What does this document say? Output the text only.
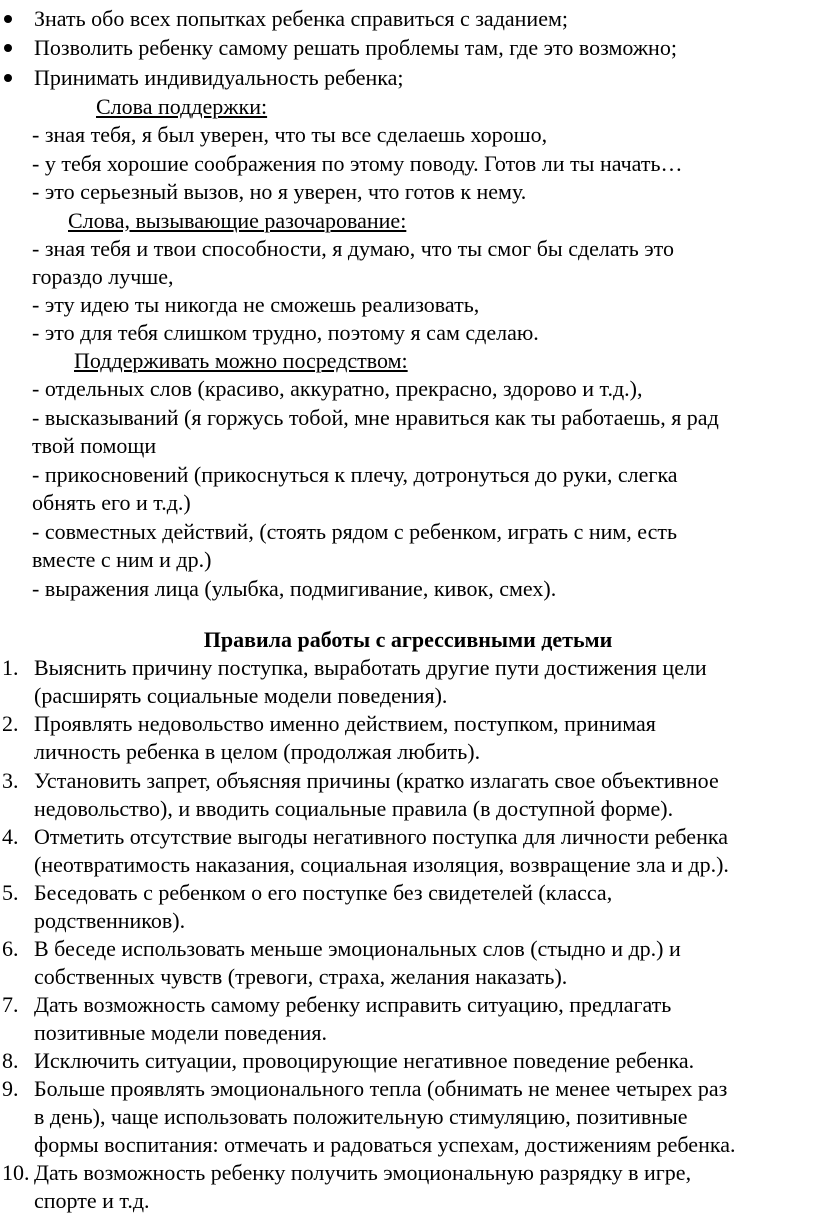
Знать обо всех попытках ребенка справиться с заданием;
Позволить ребенку самому решать проблемы там, где это возможно;
Принимать индивидуальность ребенка;
Слова поддержки:
- зная тебя, я был уверен, что ты все сделаешь хорошо,
- у тебя хорошие соображения по этому поводу. Готов ли ты начать…
- это серьезный вызов, но я уверен, что готов к нему.
Слова, вызывающие разочарование:
- зная тебя и твои способности, я думаю, что ты смог бы сделать это
гораздо лучше,
- эту идею ты никогда не сможешь реализовать,
- это для тебя слишком трудно, поэтому я сам сделаю.
Поддерживать можно посредством:
- отдельных слов (красиво, аккуратно, прекрасно, здорово и т.д.),
- высказываний (я горжусь тобой, мне нравиться как ты работаешь, я рад
твой помощи
- прикосновений (прикоснуться к плечу, дотронуться до руки, слегка
обнять его и т.д.)
- совместных действий, (стоять рядом с ребенком, играть с ним, есть
вместе с ним и др.)
- выражения лица (улыбка, подмигивание, кивок, смех).
Правила работы с агрессивными детьми
1. Выяснить причину поступка, выработать другие пути достижения цели
(расширять социальные модели поведения).
2. Проявлять недовольство именно действием, поступком, принимая
личность ребенка в целом (продолжая любить).
3. Установить запрет, объясняя причины (кратко излагать свое объективное
недовольство), и вводить социальные правила (в доступной форме).
4. Отметить отсутствие выгоды негативного поступка для личности ребенка
(неотвратимость наказания, социальная изоляция, возвращение зла и др.).
5. Беседовать с ребенком о его поступке без свидетелей (класса,
родственников).
6. В беседе использовать меньше эмоциональных слов (стыдно и др.) и
собственных чувств (тревоги, страха, желания наказать).
7. Дать возможность самому ребенку исправить ситуацию, предлагать
позитивные модели поведения.
8. Исключить ситуации, провоцирующие негативное поведение ребенка.
9. Больше проявлять эмоционального тепла (обнимать не менее четырех раз
в день), чаще использовать положительную стимуляцию, позитивные
формы воспитания: отмечать и радоваться успехам, достижениям ребенка.
10. Дать возможность ребенку получить эмоциональную разрядку в игре,
спорте и т.д.
